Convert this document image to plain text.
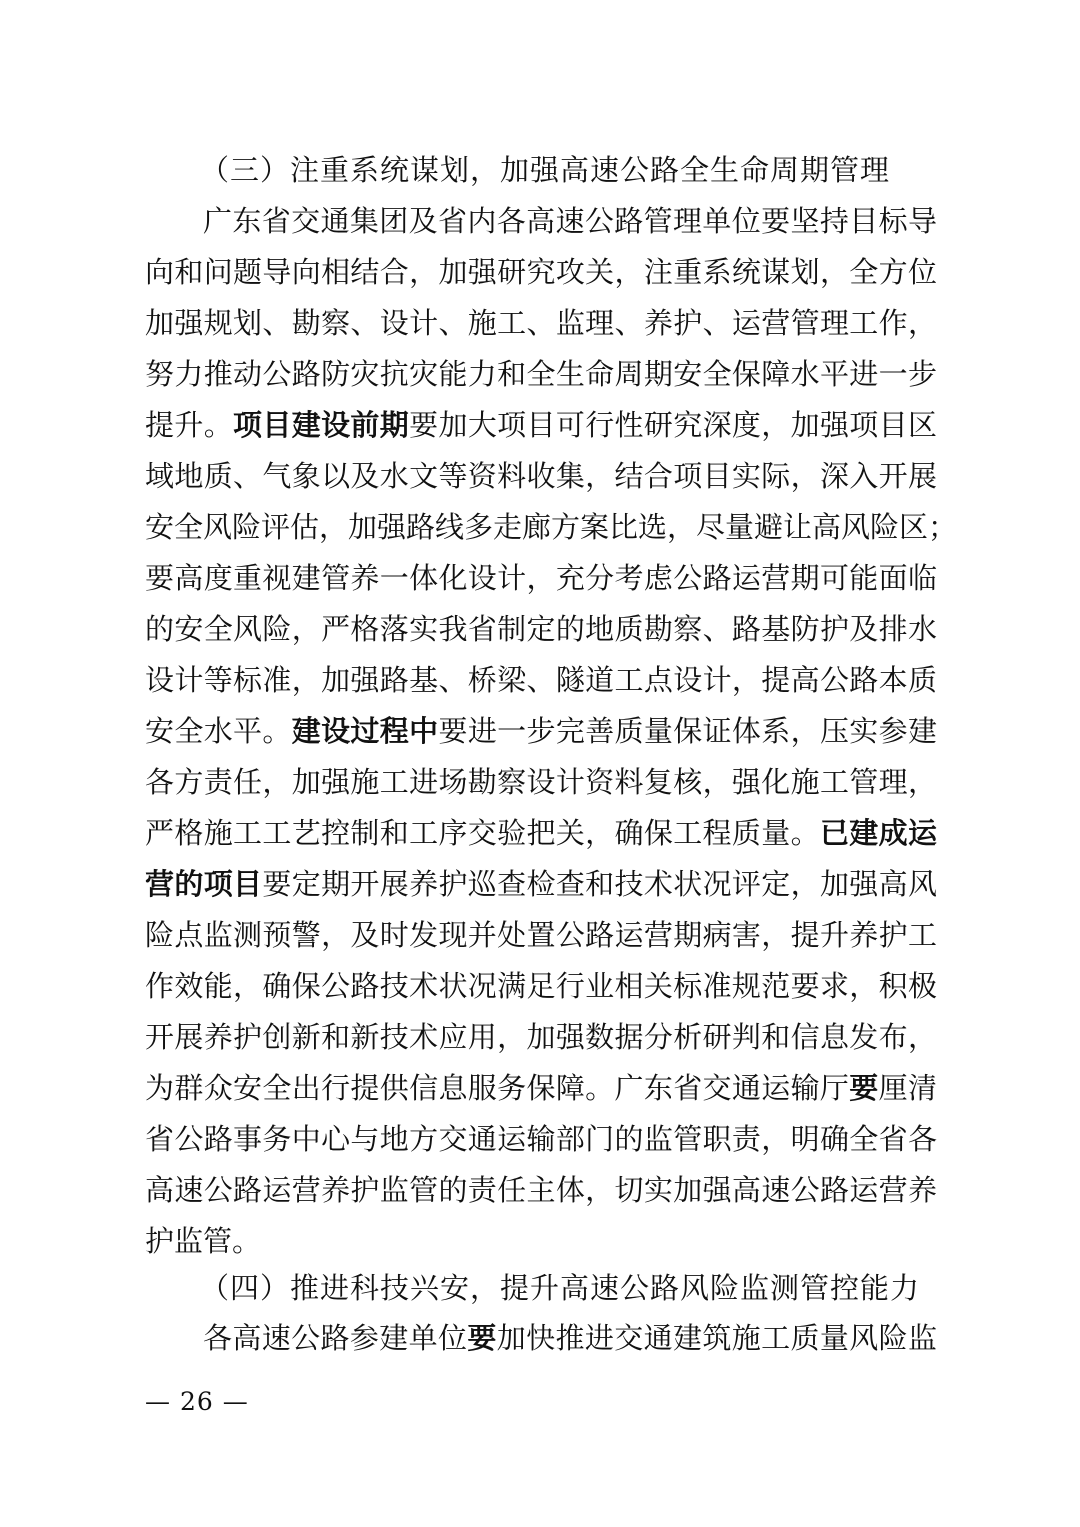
（三）注重系统谋划，加强高速公路全生命周期管理
广东省交通集团及省内各高速公路管理单位要坚持目标导
向和问题导向相结合，加强研究攻关，注重系统谋划，全方位
加强规划、勘察、设计、施工、监理、养护、运营管理工作，
努力推动公路防灾抗灾能力和全生命周期安全保障水平进一步
提升。项目建设前期要加大项目可行性研究深度，加强项目区
域地质、气象以及水文等资料收集，结合项目实际，深入开展
安全风险评估，加强路线多走廊方案比选，尽量避让高风险区；
要高度重视建管养一体化设计，充分考虑公路运营期可能面临
的安全风险，严格落实我省制定的地质勘察、路基防护及排水
设计等标准，加强路基、桥梁、隧道工点设计，提高公路本质
安全水平。建设过程中要进一步完善质量保证体系，压实参建
各方责任，加强施工进场勘察设计资料复核，强化施工管理，
严格施工工艺控制和工序交验把关，确保工程质量。已建成运
营的项目要定期开展养护巡查检查和技术状况评定，加强高风
险点监测预警，及时发现并处置公路运营期病害，提升养护工
作效能，确保公路技术状况满足行业相关标准规范要求，积极
开展养护创新和新技术应用，加强数据分析研判和信息发布，
为群众安全出行提供信息服务保障。广东省交通运输厅要厘清
省公路事务中心与地方交通运输部门的监管职责，明确全省各
高速公路运营养护监管的责任主体，切实加强高速公路运营养
护监管。
（四）推进科技兴安，提升高速公路风险监测管控能力
各高速公路参建单位要加快推进交通建筑施工质量风险监
— 26 —
